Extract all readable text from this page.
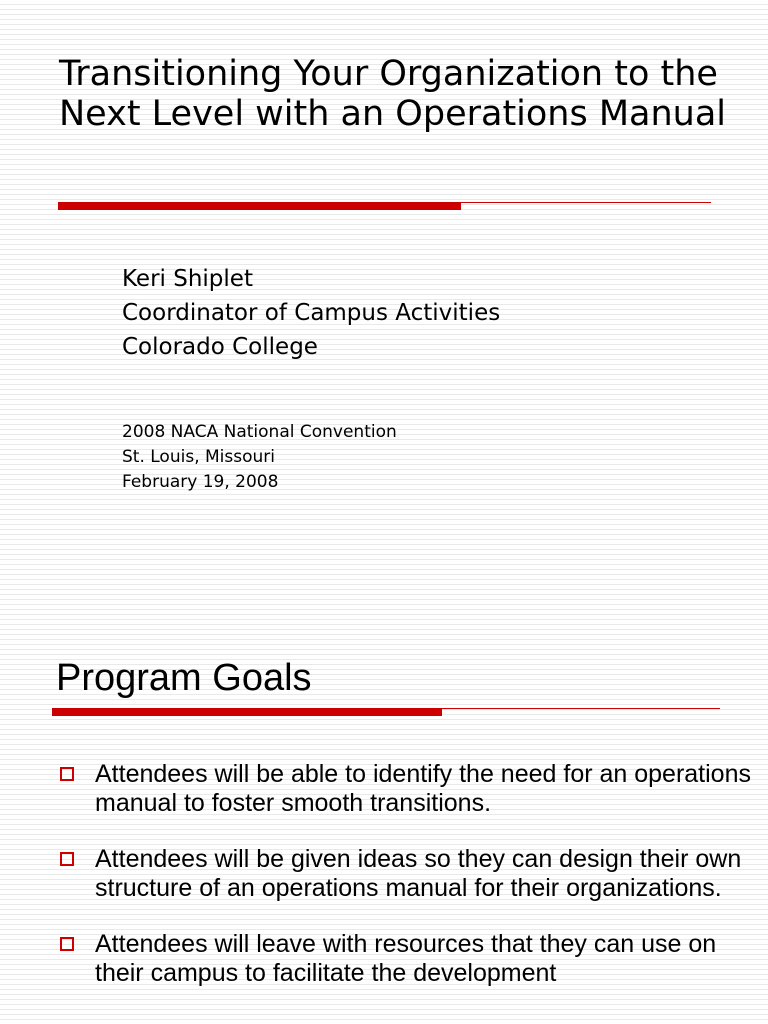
Transitioning Your Organization to the Next Level with an Operations Manual
Keri Shiplet
Coordinator of Campus Activities
Colorado College
2008 NACA National Convention
St. Louis, Missouri
February 19, 2008
Program Goals
Attendees will be able to identify the need for an operations manual to foster smooth transitions.
Attendees will be given ideas so they can design their own structure of an operations manual for their organizations.
Attendees will leave with resources that they can use on their campus to facilitate the development
